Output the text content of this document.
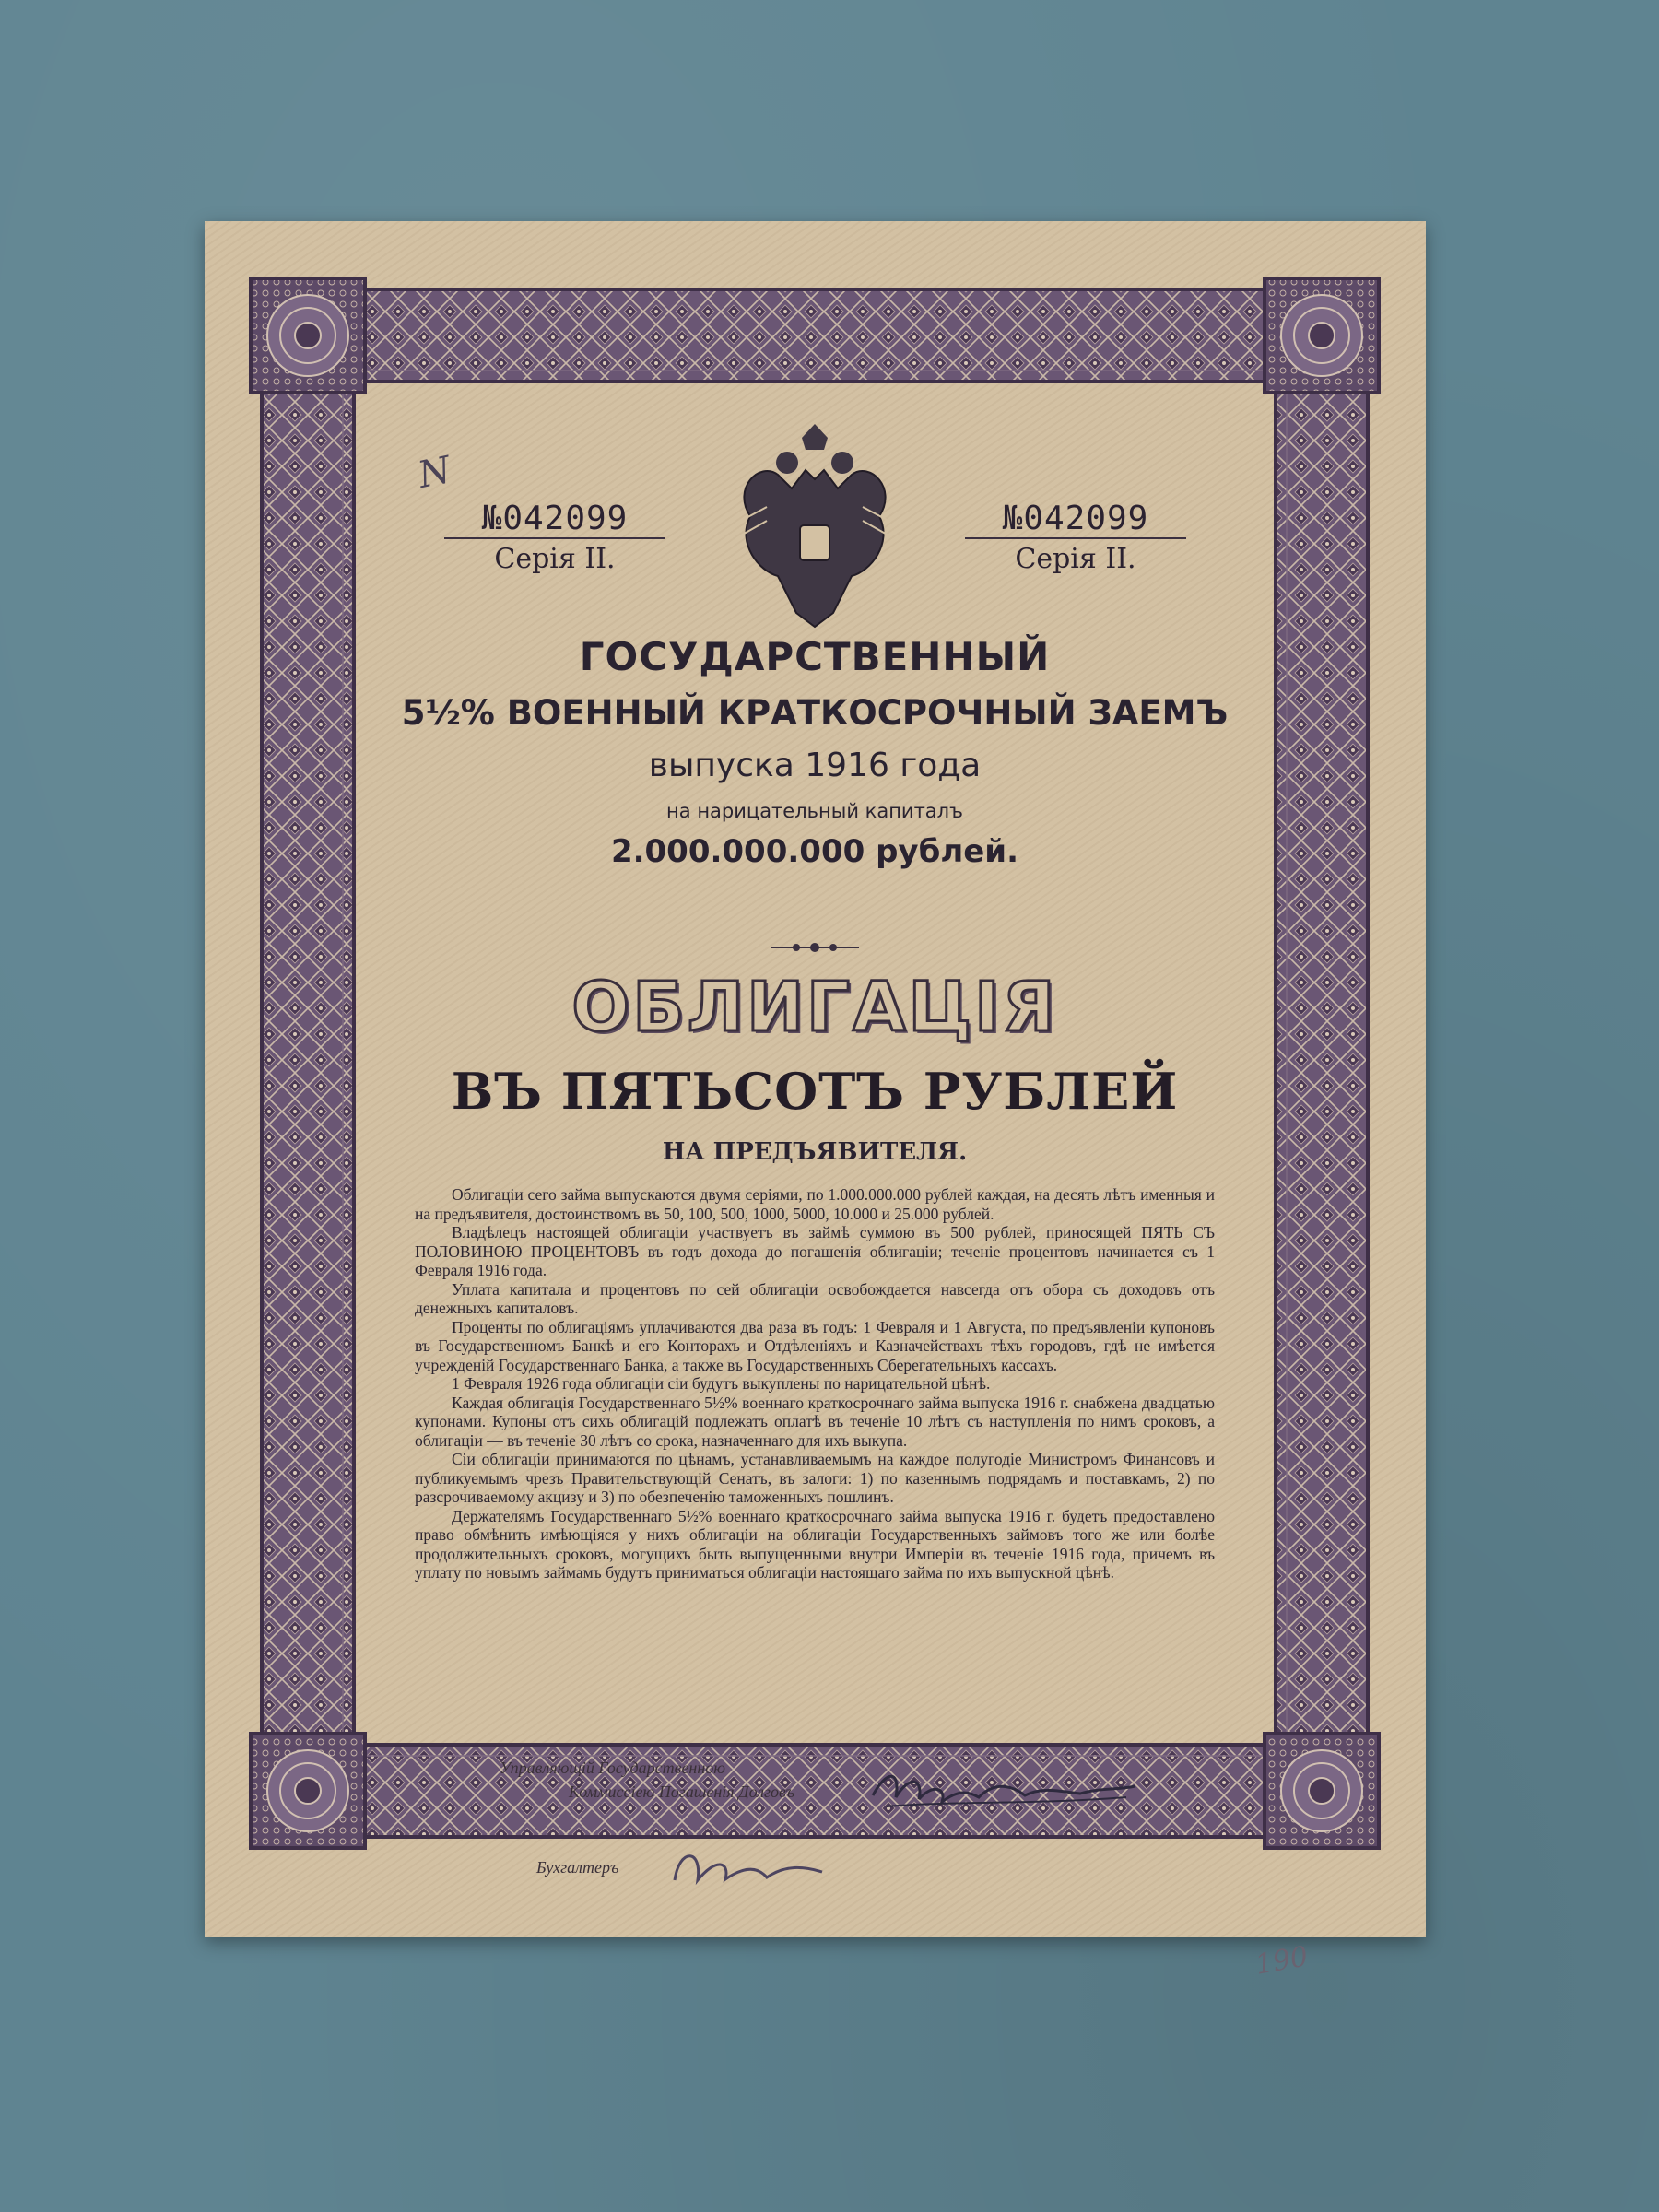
N
№042099
Серія II.
№042099
Серія II.
ГОСУДАРСТВЕННЫЙ
5½% ВОЕННЫЙ КРАТКОСРОЧНЫЙ ЗАЕМЪ
выпуска 1916 года
на нарицательный капиталъ
2.000.000.000 рублей.
ОБЛИГАЦІЯ
ВЪ ПЯТЬСОТЪ РУБЛЕЙ
НА ПРЕДЪЯВИТЕЛЯ.

Облигаціи сего займа выпускаются двумя серіями, по 1.000.000.000 рублей каждая, на десять лѣтъ именныя и на предъявителя, достоинствомъ въ 50, 100, 500, 1000, 5000, 10.000 и 25.000 рублей.

Владѣлецъ настоящей облигаціи участвуетъ въ займѣ суммою въ 500 рублей, приносящей ПЯТЬ СЪ ПОЛОВИНОЮ ПРОЦЕНТОВЪ въ годъ дохода до погашенія облигаціи; теченіе процентовъ начинается съ 1 Февраля 1916 года.

Уплата капитала и процентовъ по сей облигаціи освобождается навсегда отъ обора съ доходовъ отъ денежныхъ капиталовъ.

Проценты по облигаціямъ уплачиваются два раза въ годъ: 1 Февраля и 1 Августа, по предъявленіи купоновъ въ Государственномъ Банкѣ и его Конторахъ и Отдѣленіяхъ и Казначействахъ тѣхъ городовъ, гдѣ не имѣется учрежденій Государственнаго Банка, а также въ Государственныхъ Сберегательныхъ кассахъ.

1 Февраля 1926 года облигаціи сіи будутъ выкуплены по нарицательной цѣнѣ.

Каждая облигація Государственнаго 5½% военнаго краткосрочнаго займа выпуска 1916 г. снабжена двадцатью купонами. Купоны отъ сихъ облигацій подлежатъ оплатѣ въ теченіе 10 лѣтъ съ наступленія по нимъ сроковъ, а облигаціи — въ теченіе 30 лѣтъ со срока, назначеннаго для ихъ выкупа.

Сіи облигаціи принимаются по цѣнамъ, устанавливаемымъ на каждое полугодіе Министромъ Финансовъ и публикуемымъ чрезъ Правительствующій Сенатъ, въ залоги: 1) по казеннымъ подрядамъ и поставкамъ, 2) по разсрочиваемому акцизу и 3) по обезпеченію таможенныхъ пошлинъ.

Держателямъ Государственнаго 5½% военнаго краткосрочнаго займа выпуска 1916 г. будетъ предоставлено право обмѣнить имѣющіяся у нихъ облигаціи на облигаціи Государственныхъ займовъ того же или болѣе продолжительныхъ сроковъ, могущихъ быть выпущенными внутри Имперіи въ теченіе 1916 года, причемъ въ уплату по новымъ займамъ будутъ приниматься облигаціи настоящаго займа по ихъ выпускной цѣнѣ.

Управляющій Государственною
Коммиссіею Погашенія Долговъ
Бухгалтеръ
190
